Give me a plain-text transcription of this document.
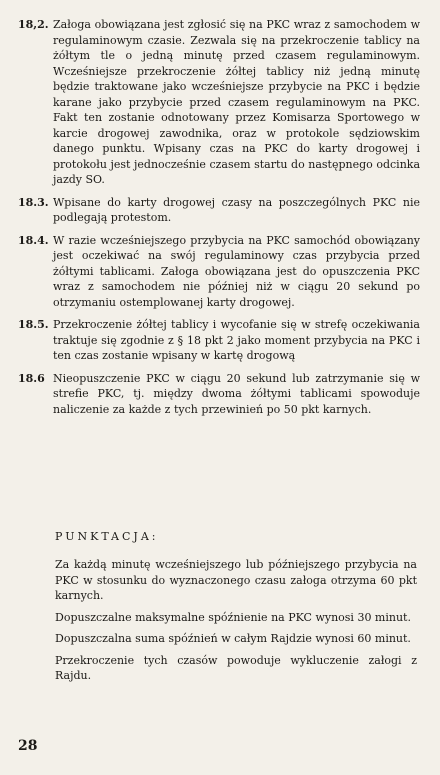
18,2. Załoga obowiązana jest zgłosić się na PKC wraz z samochodem w regulaminowym czasie. Zezwala się na przekroczenie tablicy na żółtym tle o jedną minutę przed czasem regulaminowym. Wcześniejsze przekroczenie żółtej tablicy niż jedną minutę będzie traktowane jako wcześniejsze przybycie na PKC i będzie karane jako przybycie przed czasem regulaminowym na PKC. Fakt ten zostanie odnotowany przez Komisarza Sportowego w karcie drogowej zawodnika, oraz w protokole sędziowskim danego punktu. Wpisany czas na PKC do karty drogowej i protokołu jest jednocześnie czasem startu do następnego odcinka jazdy SO.
18.3. Wpisane do karty drogowej czasy na poszczególnych PKC nie podlegają protestom.
18.4. W razie wcześniejszego przybycia na PKC samochód obowiązany jest oczekiwać na swój regulaminowy czas przybycia przed żółtymi tablicami. Załoga obowiązana jest do opuszczenia PKC wraz z samochodem nie później niż w ciągu 20 sekund po otrzymaniu ostemplowanej karty drogowej.
18.5. Przekroczenie żółtej tablicy i wycofanie się w strefę oczekiwania traktuje się zgodnie z § 18 pkt 2 jako moment przybycia na PKC i ten czas zostanie wpisany w kartę drogową
18.6 Nieopuszczenie PKC w ciągu 20 sekund lub zatrzymanie się w strefie PKC, tj. między dwoma żółtymi tablicami spowoduje naliczenie za każde z tych przewinień po 50 pkt karnych.
PUNKTACJA:

Za każdą minutę wcześniejszego lub późniejszego przybycia na PKC w stosunku do wyznaczonego czasu załoga otrzyma 60 pkt karnych.

Dopuszczalne maksymalne spóźnienie na PKC wynosi 30 minut.

Dopuszczalna suma spóźnień w całym Rajdzie wynosi 60 minut.

Przekroczenie tych czasów powoduje wykluczenie załogi z Rajdu.

28
